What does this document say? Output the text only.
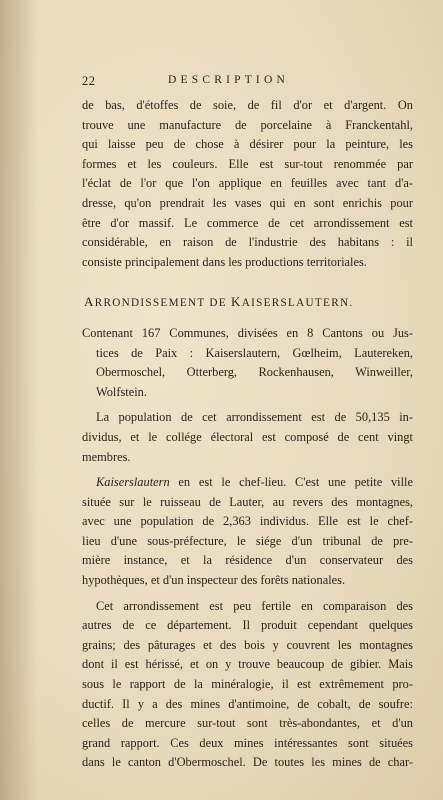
22	DESCRIPTION
de bas, d'étoffes de soie, de fil d'or et d'argent. On
trouve une manufacture de porcelaine à Franckentahl,
qui laisse peu de chose à désirer pour la peinture, les
formes et les couleurs. Elle est sur-tout renommée par
l'éclat de l'or que l'on applique en feuilles avec tant d'a-
dresse, qu'on prendrait les vases qui en sont enrichis pour
être d'or massif. Le commerce de cet arrondissement est
considérable, en raison de l'industrie des habitans : il
consiste principalement dans les productions territoriales.
ARRONDISSEMENT DE KAISERSLAUTERN.
Contenant 167 Communes, divisées en 8 Cantons ou Jus-
tices de Paix : Kaiserslautern, Gœlheim, Lautereken,
Obermoschel, Otterberg, Rockenhausen, Winweiller,
Wolfstein.
La population de cet arrondissement est de 50,135 in-
dividus, et le collége électoral est composé de cent vingt
membres.
Kaiserslautern en est le chef-lieu. C'est une petite ville
située sur le ruisseau de Lauter, au revers des montagnes,
avec une population de 2,363 individus. Elle est le chef-
lieu d'une sous-préfecture, le siége d'un tribunal de pre-
mière instance, et la résidence d'un conservateur des
hypothèques, et d'un inspecteur des forêts nationales.
Cet arrondissement est peu fertile en comparaison des
autres de ce département. Il produit cependant quelques
grains; des pâturages et des bois y couvrent les montagnes
dont il est hérissé, et on y trouve beaucoup de gibier. Mais
sous le rapport de la minéralogie, il est extrêmement pro-
ductif. Il y a des mines d'antimoine, de cobalt, de soufre:
celles de mercure sur-tout sont très-abondantes, et d'un
grand rapport. Ces deux mines intéressantes sont situées
dans le canton d'Obermoschel. De toutes les mines de char-
